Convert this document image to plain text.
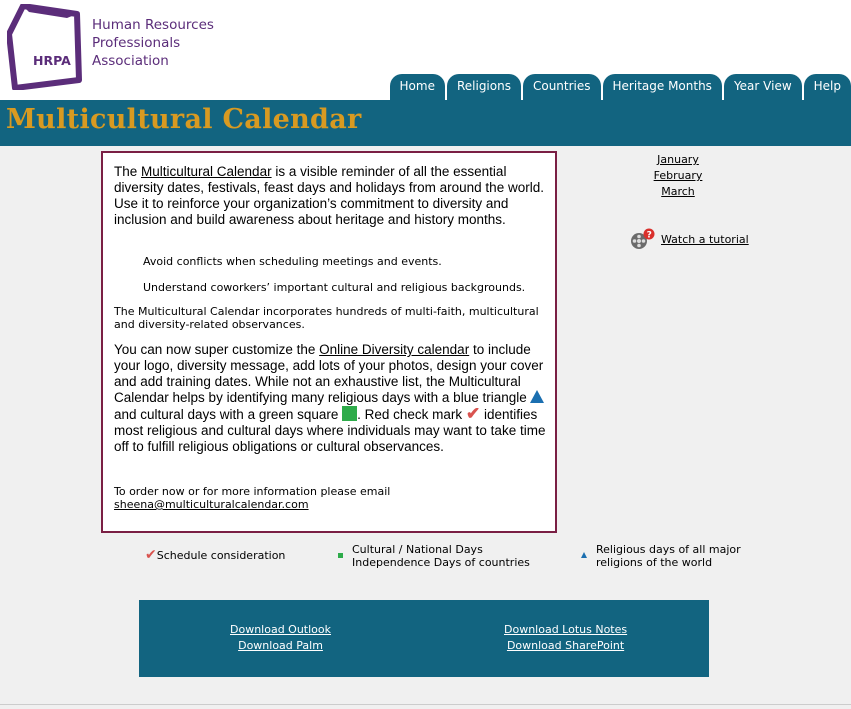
HRPA
Human Resources
Professionals
Association
Home	Religions	Countries	Heritage Months	Year View	Help
Multicultural Calendar
The Multicultural Calendar is a visible reminder of all the essential diversity dates, festivals, feast days and holidays from around the world. Use it to reinforce your organization’s commitment to diversity and inclusion and build awareness about heritage and history months.
Avoid conflicts when scheduling meetings and events.
Understand coworkers’ important cultural and religious backgrounds.
The Multicultural Calendar incorporates hundreds of multi-faith, multicultural and diversity-related observances.
You can now super customize the Online Diversity calendar to include your logo, diversity message, add lots of your photos, design your cover and add training dates. While not an exhaustive list, the Multicultural Calendar helps by identifying many religious days with a blue triangle  and cultural days with a green square . Red check mark ✔ identifies most religious and cultural days where individuals may want to take time off to fulfill religious obligations or cultural observances.
To order now or for more information please email
sheena@multiculturalcalendar.com
January
February
March
? Watch a tutorial
✔Schedule consideration	Cultural / National Days
Independence Days of countries
Religious days of all major
religions of the world
Download Outlook
Download Palm
Download Lotus Notes
Download SharePoint
